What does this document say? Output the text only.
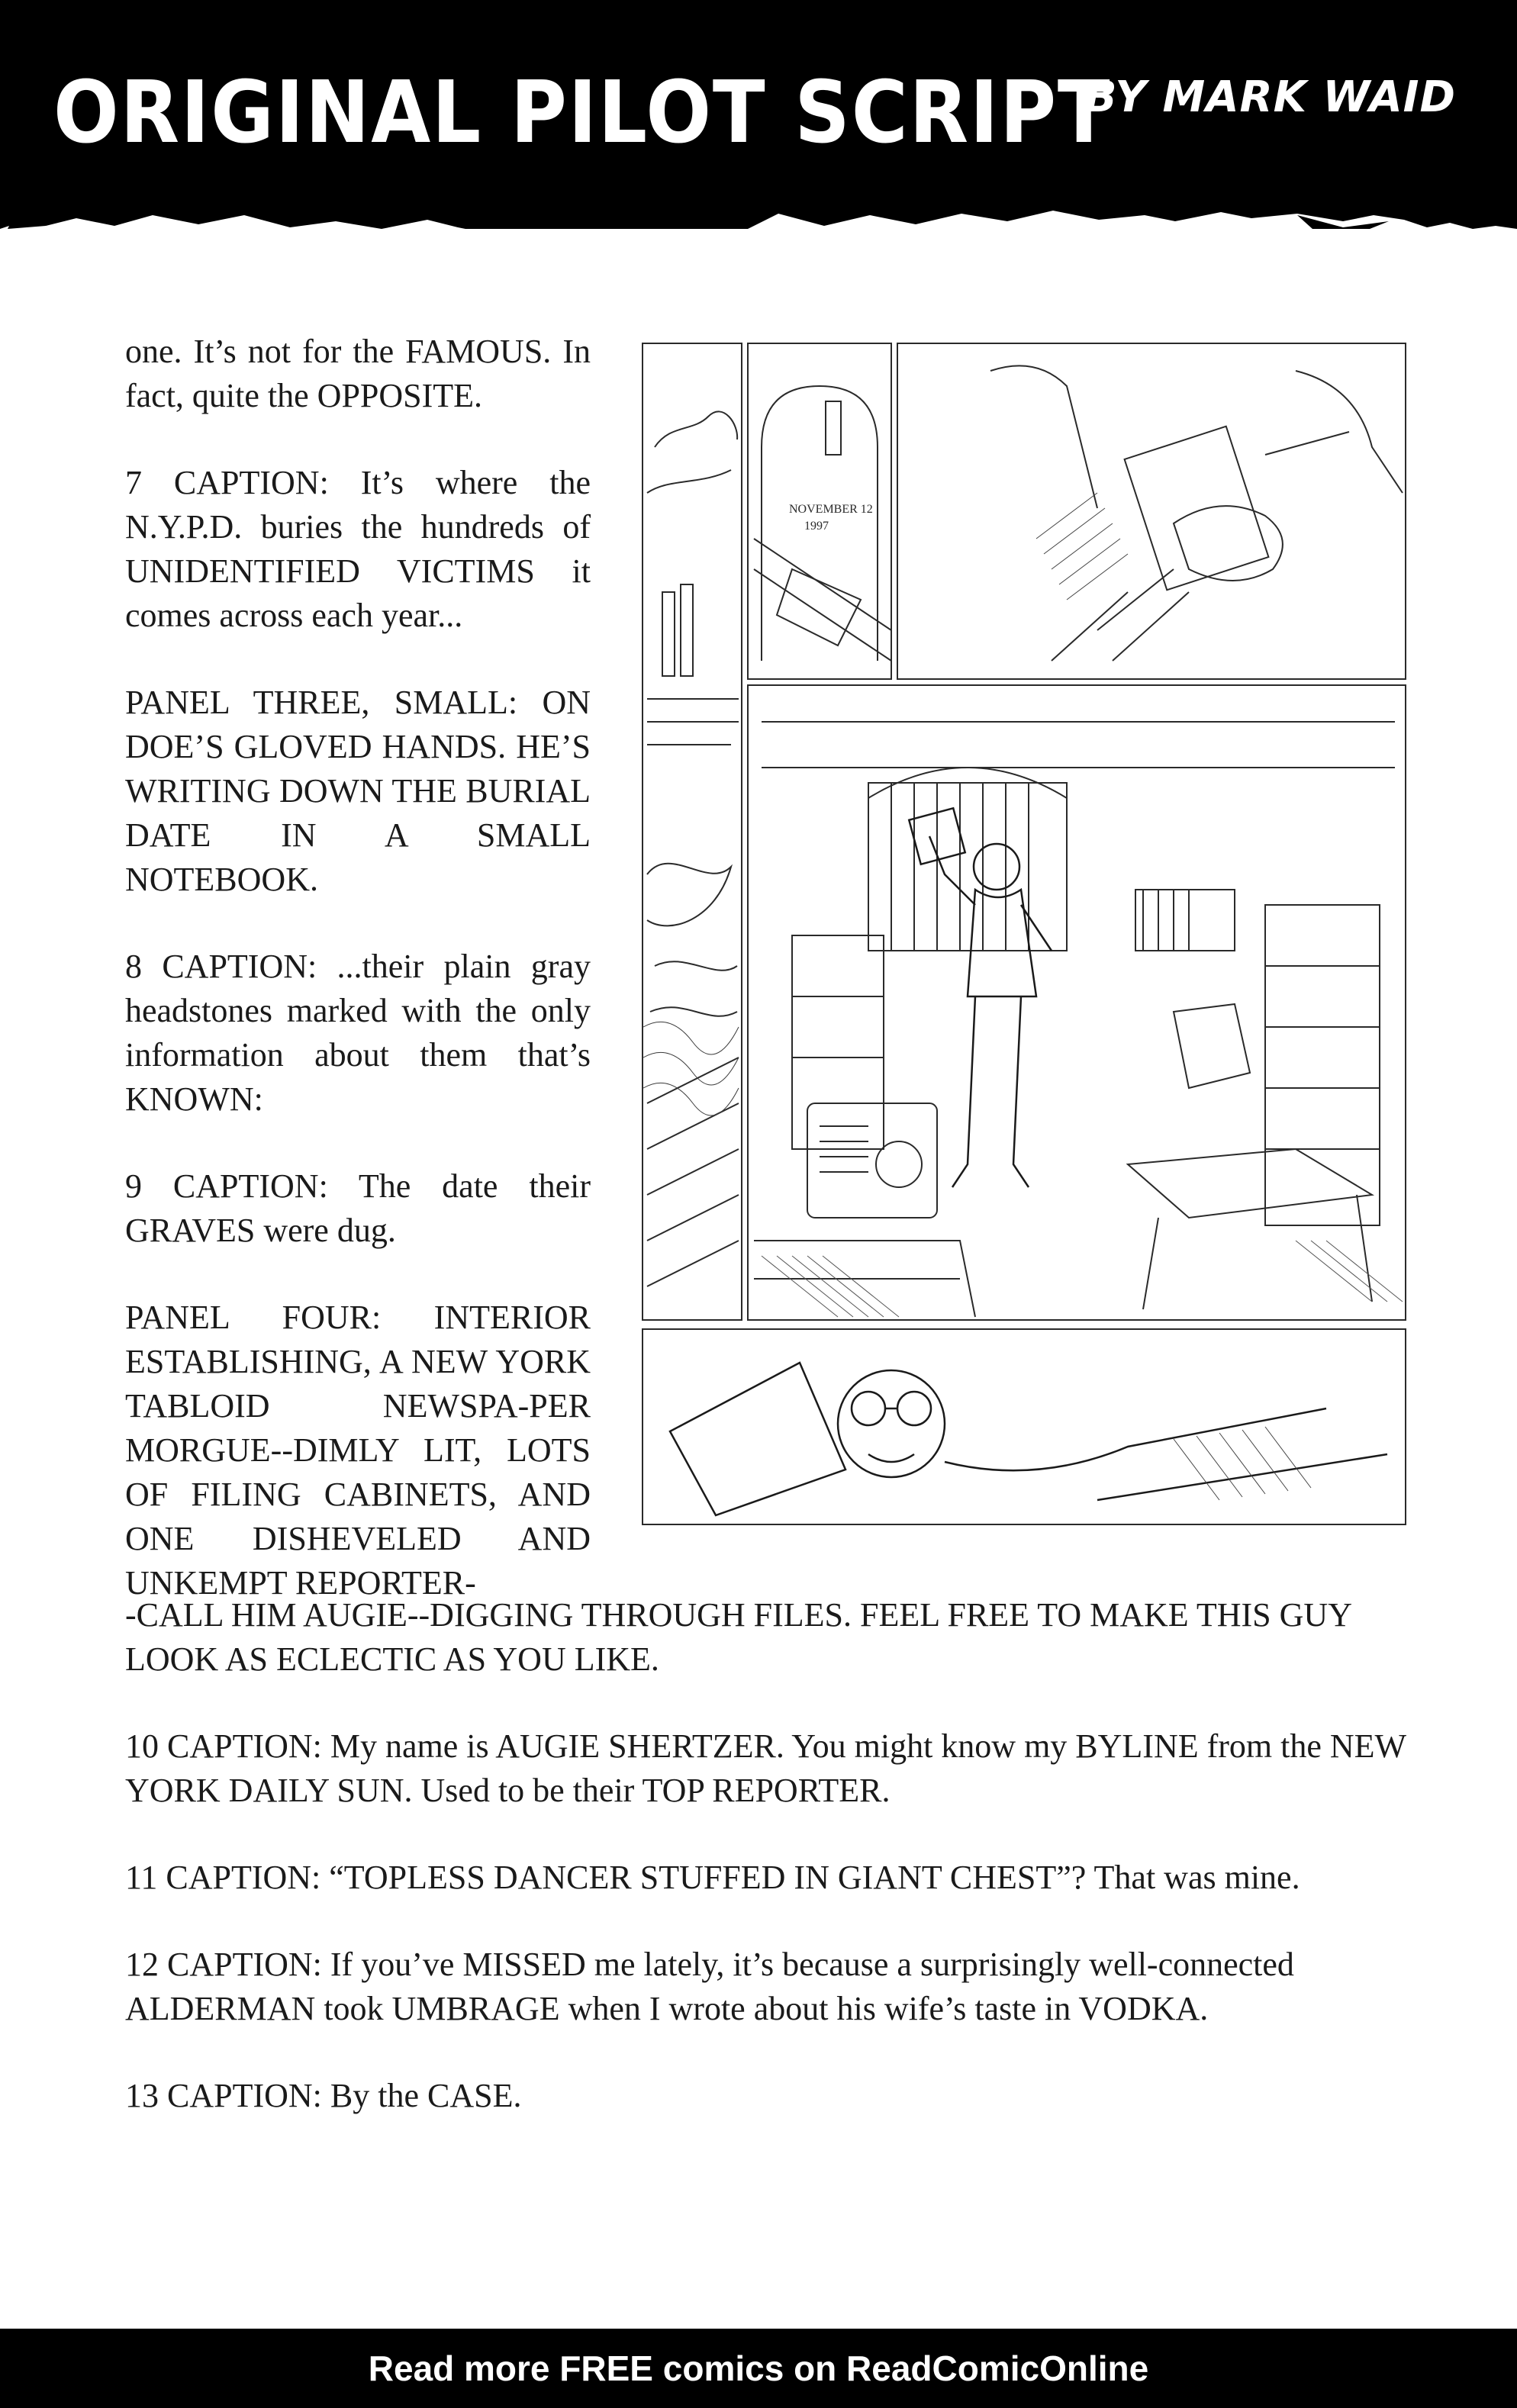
ORIGINAL PILOT SCRIPT
BY MARK WAID

one. It’s not for the FAMOUS. In fact, quite the OPPOSITE.

7 CAPTION: It’s where the N.Y.P.D. buries the hundreds of UNIDENTIFIED VICTIMS it comes across each year...

PANEL THREE, SMALL: ON DOE’S GLOVED HANDS. HE’S WRITING DOWN THE BURIAL DATE IN A SMALL NOTEBOOK.

8 CAPTION: ...their plain gray headstones marked with the only information about them that’s KNOWN:

9 CAPTION: The date their GRAVES were dug.

PANEL FOUR: INTERIOR ESTABLISHING, A NEW YORK TABLOID NEWSPA-PER MORGUE--DIMLY LIT, LOTS OF FILING CABINETS, AND ONE DISHEVELED AND UNKEMPT REPORTER-

NOVEMBER 12
1997

-CALL HIM AUGIE--DIGGING THROUGH FILES. FEEL FREE TO MAKE THIS GUY LOOK AS ECLECTIC AS YOU LIKE.

10 CAPTION: My name is AUGIE SHERTZER. You might know my BYLINE from the NEW YORK DAILY SUN. Used to be their TOP REPORTER.

11 CAPTION: “TOPLESS DANCER STUFFED IN GIANT CHEST”? That was mine.

12 CAPTION: If you’ve MISSED me lately, it’s because a surprisingly well-connected ALDERMAN took UMBRAGE when I wrote about his wife’s taste in VODKA.

13 CAPTION: By the CASE.

Read more FREE comics on ReadComicOnline
